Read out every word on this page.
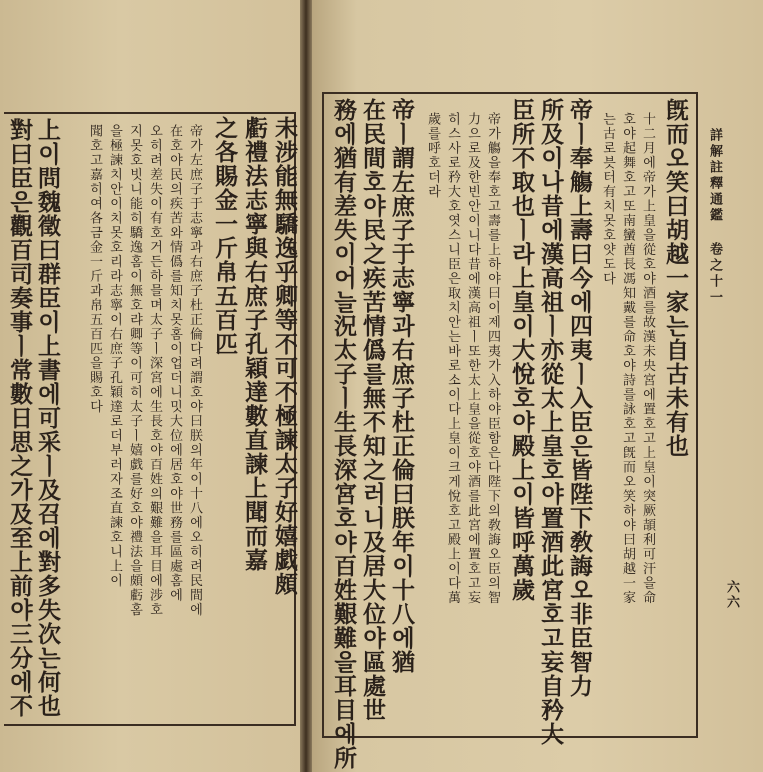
未涉能無驕逸乎卿等不可不極諫太子好嬉戯頗
虧禮法志寧與右庶子孔穎達數直諫上聞而嘉
之各賜金一斤帛五百匹
帝가左庶子于志寧과右庶子杜正倫다려謂호야曰朕의年이十八에오히려民間에
在호야民의疾苦와情僞를知치못홈이업더니밋大位에居호야世務를區處홈에
오히려差失이有호거든하믈며太子ㅣ深宮에生長호야百姓의艱難을耳目에涉호
지못호빗니能히驕逸홈이無호랴卿等이可히太子ㅣ嬉戯를好호야禮法을頗虧홈
을極諫치안이치못호리라志寧이右庶子孔穎達로더부러자조直諫호니上이
聞호고嘉히여各금金一斤과帛五百匹을賜호다
上이問魏徵曰群臣이上書에可采ㅣ及召에對多失次는何也
對曰臣은觀百司奏事ㅣ常數日思之가及至上前야三分에不	旣而오笑曰胡越一家는自古未有也
十二月에帝가上皇을從호야酒를故漢未央宮에置호고上皇이突厥頡利可汗을命
호야起舞호고또南蠻酋長馮知戴를命호야詩를詠호고旣而오笑하야曰胡越一家
는古로븟터有치못호얏도다
帝ㅣ奉觴上壽曰今에四夷ㅣ入臣은皆陛下敎誨오非臣智力
所及이나昔에漢高祖ㅣ亦從太上皇호야置酒此宮호고妄自矜大
臣所不取也ㅣ라上皇이大悅호야殿上이皆呼萬歲
帝가觴을奉호고壽를上하야曰이제四夷가入하야臣함은다陛下의敎誨오臣의智
力으로及한빈안이니다昔에漢高祖ㅣ또한太上皇을從호야酒를此宮에置호고妄
히스사로矜大호엿스니臣은取치안는바로소이다上皇이크게悅호고殿上이다萬
歲를呼호더라
帝ㅣ謂左庶子于志寧과右庶子杜正倫曰朕年이十八에猶
在民間호야民之疾苦情僞를無不知之러니及居大位야區處世
務에猶有差失이어늘況太子ㅣ生長深宮호야百姓艱難을耳目에所	詳解註釋通鑑 卷之十一
六六
